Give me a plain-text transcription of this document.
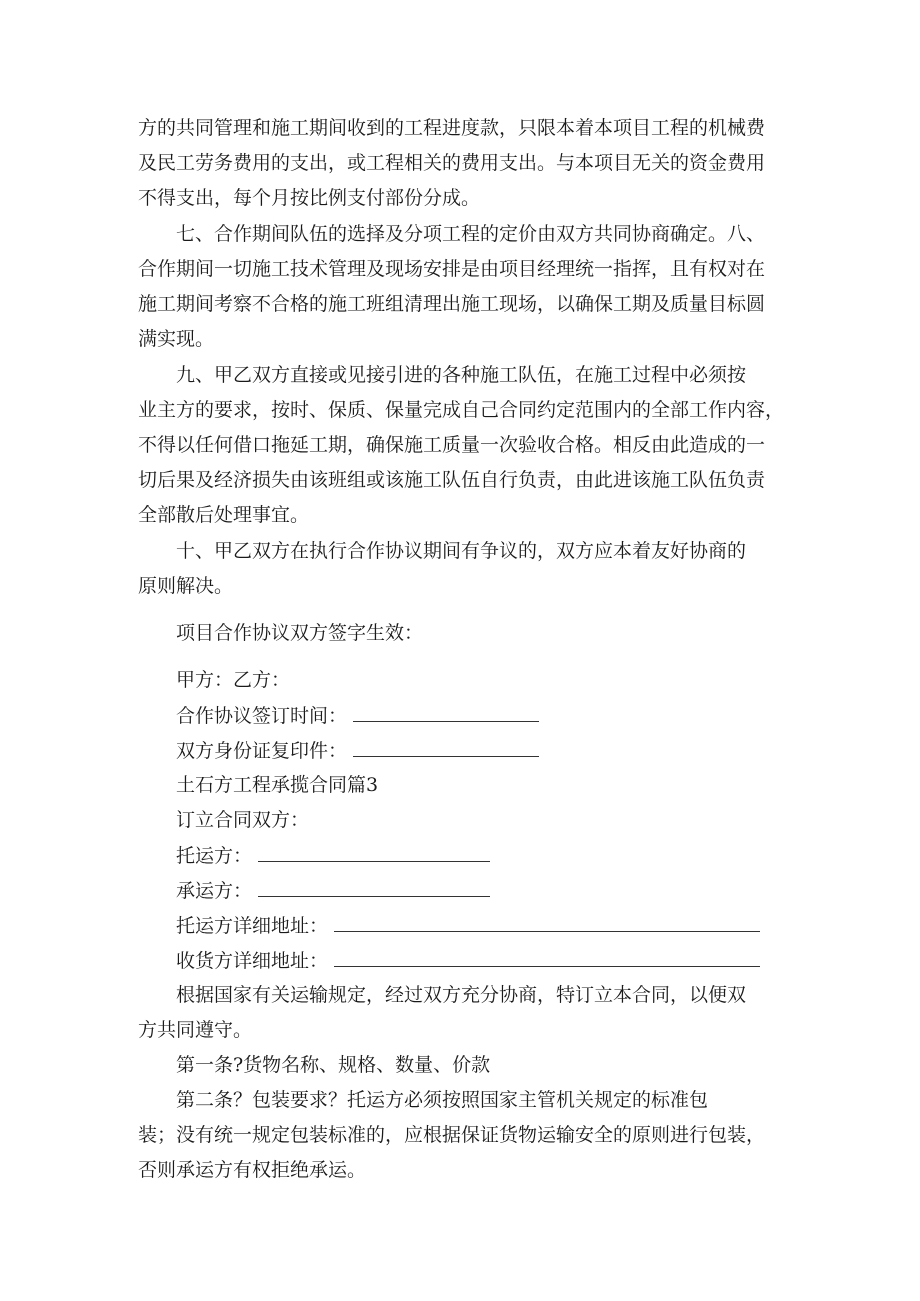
方的共同管理和施工期间收到的工程进度款，只限本着本项目工程的机械费
及民工劳务费用的支出，或工程相关的费用支出。与本项目无关的资金费用
不得支出，每个月按比例支付部份分成。
七、合作期间队伍的选择及分项工程的定价由双方共同协商确定。八、
合作期间一切施工技术管理及现场安排是由项目经理统一指挥，且有权对在
施工期间考察不合格的施工班组清理出施工现场，以确保工期及质量目标圆
满实现。
九、甲乙双方直接或见接引进的各种施工队伍，在施工过程中必须按
业主方的要求，按时、保质、保量完成自己合同约定范围内的全部工作内容，
不得以任何借口拖延工期，确保施工质量一次验收合格。相反由此造成的一
切后果及经济损失由该班组或该施工队伍自行负责，由此进该施工队伍负责
全部散后处理事宜。
十、甲乙双方在执行合作协议期间有争议的，双方应本着友好协商的
原则解决。
项目合作协议双方签字生效：
甲方：乙方：
合作协议签订时间：
双方身份证复印件：
土石方工程承揽合同篇3
订立合同双方：
托运方：
承运方：
托运方详细地址：
收货方详细地址：
根据国家有关运输规定，经过双方充分协商，特订立本合同，以便双
方共同遵守。
第一条?货物名称、规格、数量、价款
第二条？包装要求？托运方必须按照国家主管机关规定的标准包
装；没有统一规定包装标准的，应根据保证货物运输安全的原则进行包装，
否则承运方有权拒绝承运。
